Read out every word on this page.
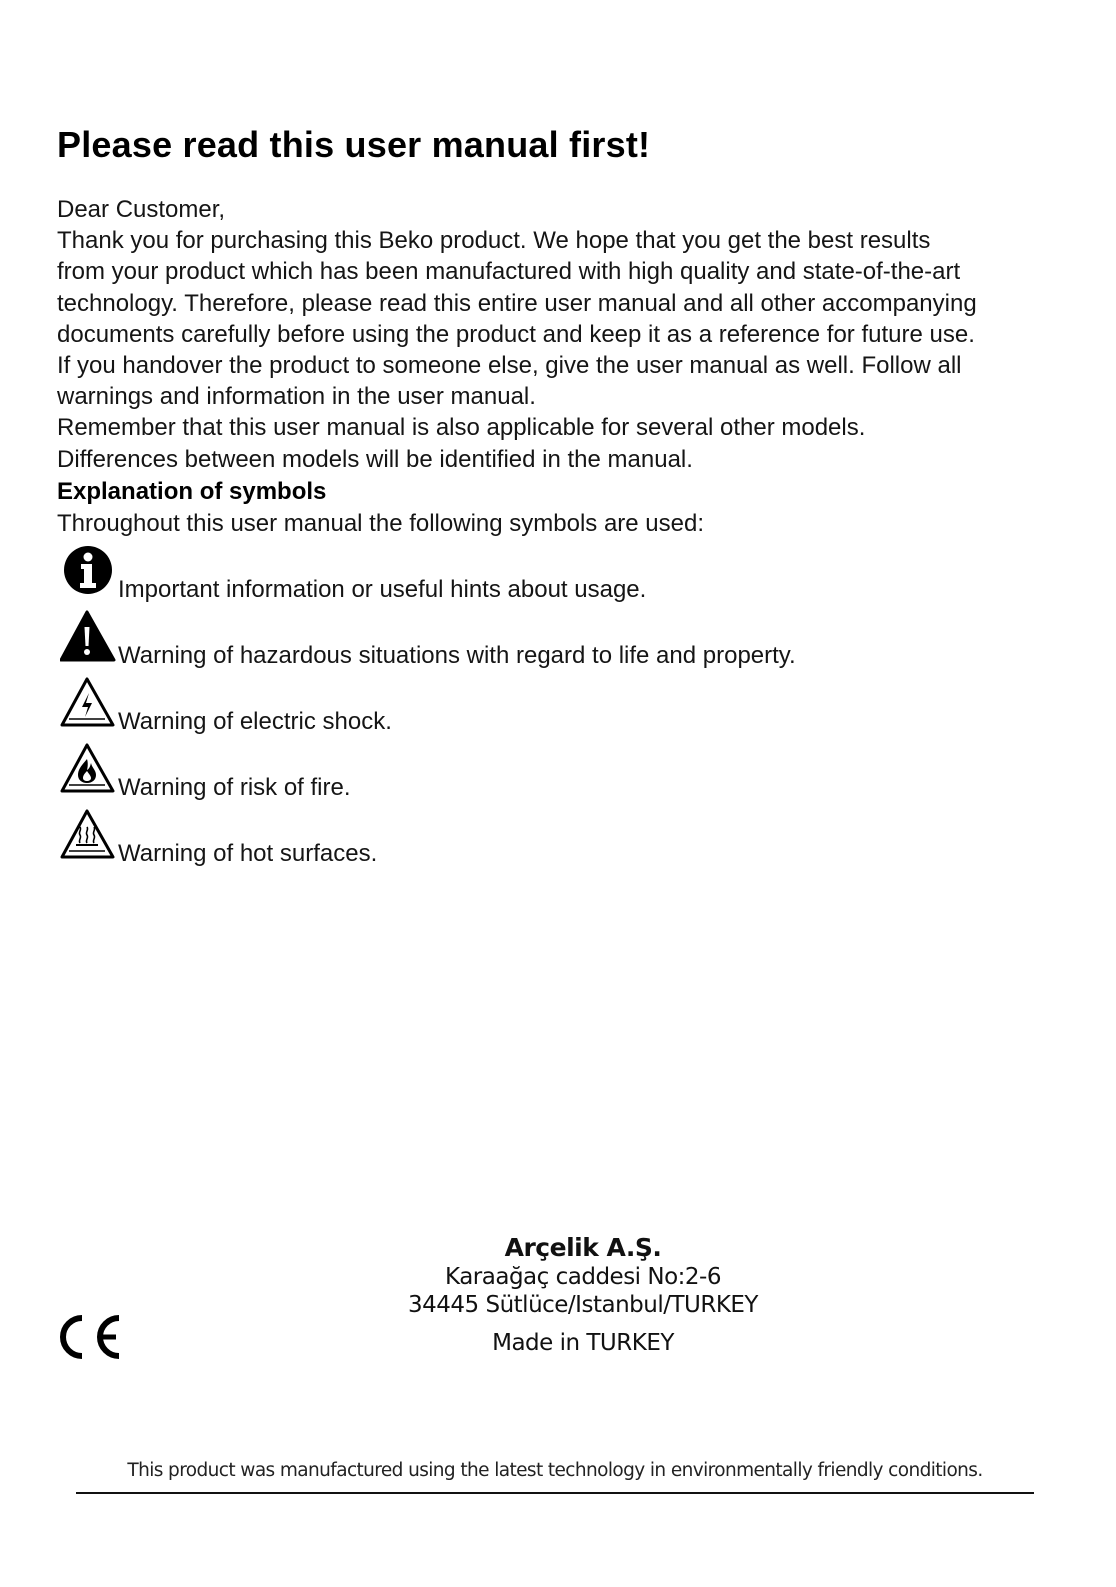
Please read this user manual first!

Dear Customer,

Thank you for purchasing this Beko product. We hope that you get the best results

from your product which has been manufactured with high quality and state-of-the-art

technology. Therefore, please read this entire user manual and all other accompanying

documents carefully before using the product and keep it as a reference for future use.

If you handover the product to someone else, give the user manual as well. Follow all

warnings and information in the user manual.

Remember that this user manual is also applicable for several other models.

Differences between models will be identified in the manual.

Explanation of symbols

Throughout this user manual the following symbols are used:

Important information or useful hints about usage.
Warning of hazardous situations with regard to life and property.
Warning of electric shock.
Warning of risk of fire.
Warning of hot surfaces.
Arçelik A.Ş.
Karaağaç caddesi No:2-6
34445 Sütlüce/Istanbul/TURKEY
Made in TURKEY
This product was manufactured using the latest technology in environmentally friendly conditions.
